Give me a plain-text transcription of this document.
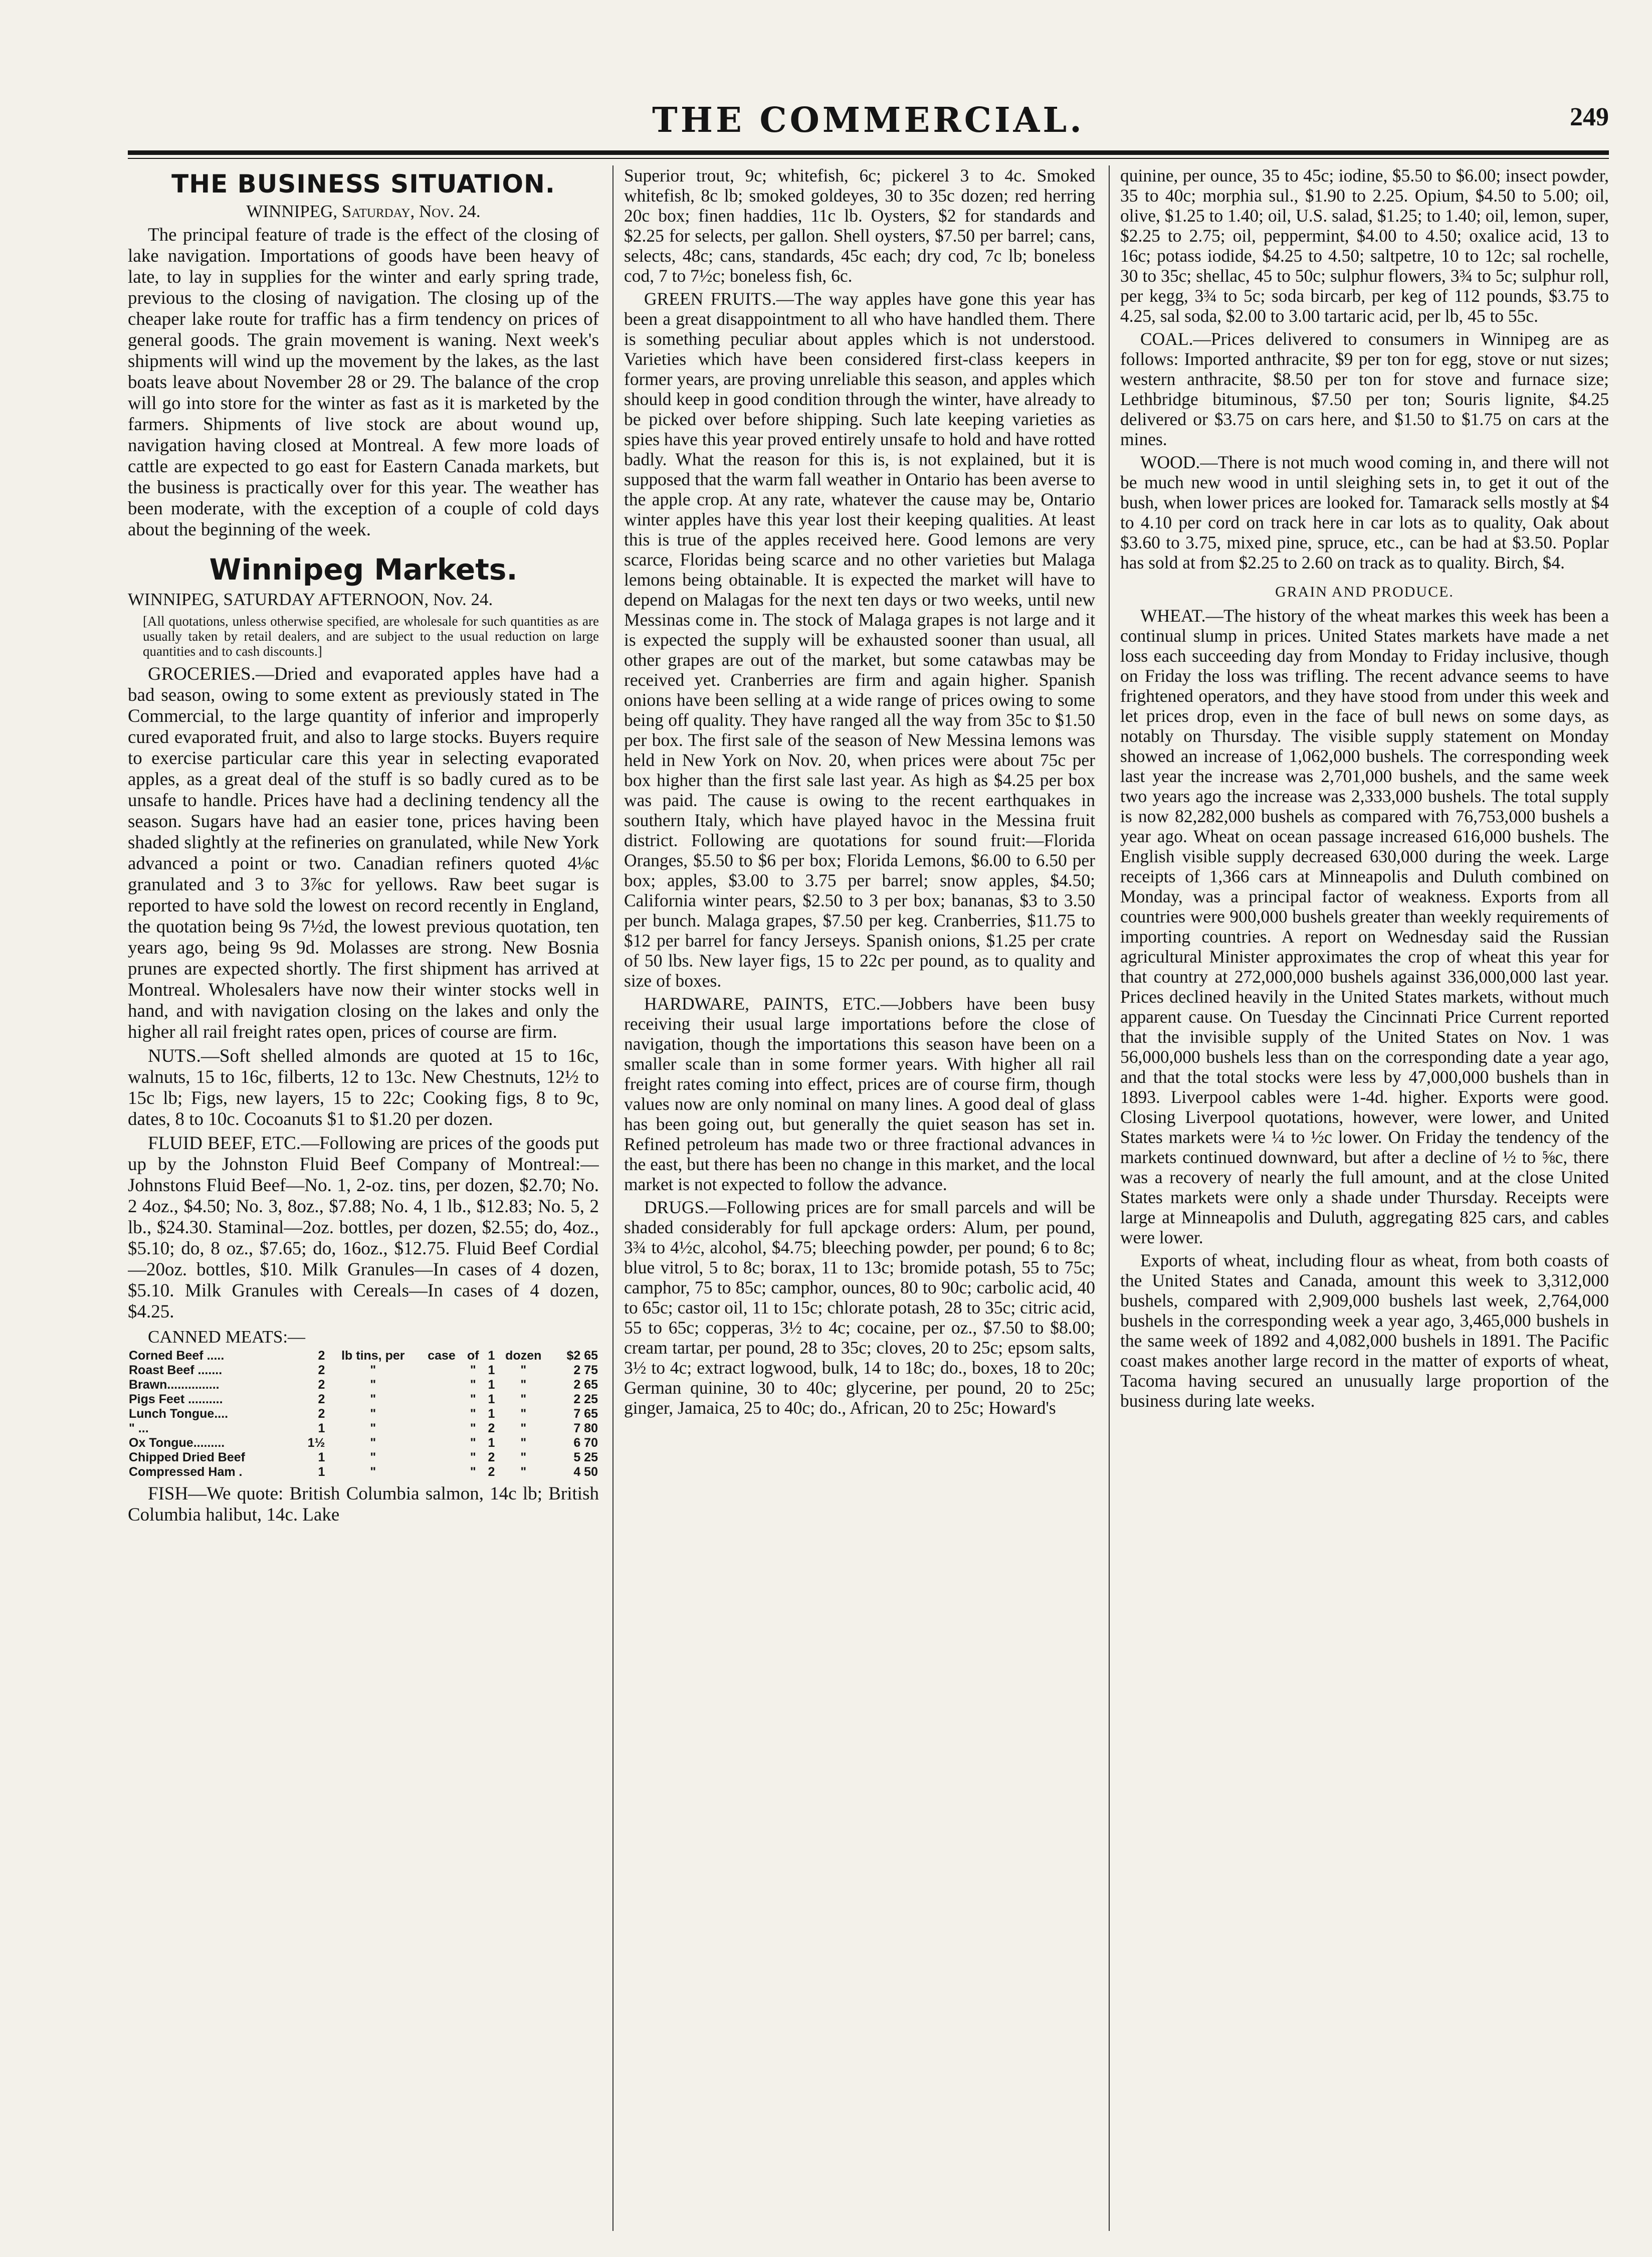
THE COMMERCIAL.	249
THE BUSINESS SITUATION.
WINNIPEG, Saturday, Nov. 24.

The principal feature of trade is the effect of the closing of lake navigation. Importations of goods have been heavy of late, to lay in supplies for the winter and early spring trade, previous to the closing of navigation. The closing up of the cheaper lake route for traffic has a firm tendency on prices of general goods. The grain movement is waning. Next week's shipments will wind up the movement by the lakes, as the last boats leave about November 28 or 29. The balance of the crop will go into store for the winter as fast as it is marketed by the farmers. Shipments of live stock are about wound up, navigation having closed at Montreal. A few more loads of cattle are expected to go east for Eastern Canada markets, but the business is practically over for this year. The weather has been moderate, with the exception of a couple of cold days about the beginning of the week.

Winnipeg Markets.
WINNIPEG, SATURDAY AFTERNOON, Nov. 24.

[All quotations, unless otherwise specified, are wholesale for such quantities as are usually taken by retail dealers, and are subject to the usual reduction on large quantities and to cash discounts.]

GROCERIES.—Dried and evaporated apples have had a bad season, owing to some extent as previously stated in The Commercial, to the large quantity of inferior and improperly cured evaporated fruit, and also to large stocks. Buyers require to exercise particular care this year in selecting evaporated apples, as a great deal of the stuff is so badly cured as to be unsafe to handle. Prices have had a declining tendency all the season. Sugars have had an easier tone, prices having been shaded slightly at the refineries on granulated, while New York advanced a point or two. Canadian refiners quoted 4⅛c granulated and 3 to 3⅞c for yellows. Raw beet sugar is reported to have sold the lowest on record recently in England, the quotation being 9s 7½d, the lowest previous quotation, ten years ago, being 9s 9d. Molasses are strong. New Bosnia prunes are expected shortly. The first shipment has arrived at Montreal. Wholesalers have now their winter stocks well in hand, and with navigation closing on the lakes and only the higher all rail freight rates open, prices of course are firm.

NUTS.—Soft shelled almonds are quoted at 15 to 16c, walnuts, 15 to 16c, filberts, 12 to 13c. New Chestnuts, 12½ to 15c lb; Figs, new layers, 15 to 22c; Cooking figs, 8 to 9c, dates, 8 to 10c. Cocoanuts $1 to $1.20 per dozen.

FLUID BEEF, ETC.—Following are prices of the goods put up by the Johnston Fluid Beef Company of Montreal:—Johnstons Fluid Beef—No. 1, 2-oz. tins, per dozen, $2.70; No. 2 4oz., $4.50; No. 3, 8oz., $7.88; No. 4, 1 lb., $12.83; No. 5, 2 lb., $24.30. Staminal—2oz. bottles, per dozen, $2.55; do, 4oz., $5.10; do, 8 oz., $7.65; do, 16oz., $12.75. Fluid Beef Cordial—20oz. bottles, $10. Milk Granules—In cases of 4 dozen, $5.10. Milk Granules with Cereals—In cases of 4 dozen, $4.25.

CANNED MEATS:—
Corned Beef .....	2	lb tins, per	case	of	1	dozen	$2 65
Roast Beef .......	2	"		"	1	"	2 75
Brawn...............	2	"		"	1	"	2 65
Pigs Feet ..........	2	"		"	1	"	2 25
Lunch Tongue....	2	"		"	1	"	7 65
" ...	1	"		"	2	"	7 80
Ox Tongue.........	1½	"		"	1	"	6 70
Chipped Dried Beef	1	"		"	2	"	5 25
Compressed Ham .	1	"		"	2	"	4 50

FISH—We quote: British Columbia salmon, 14c lb; British Columbia halibut, 14c. Lake

Superior trout, 9c; whitefish, 6c; pickerel 3 to 4c. Smoked whitefish, 8c lb; smoked goldeyes, 30 to 35c dozen; red herring 20c box; finen haddies, 11c lb. Oysters, $2 for standards and $2.25 for selects, per gallon. Shell oysters, $7.50 per barrel; cans, selects, 48c; cans, standards, 45c each; dry cod, 7c lb; boneless cod, 7 to 7½c; boneless fish, 6c.

GREEN FRUITS.—The way apples have gone this year has been a great disappointment to all who have handled them. There is something peculiar about apples which is not understood. Varieties which have been considered first-class keepers in former years, are proving unreliable this season, and apples which should keep in good condition through the winter, have already to be picked over before shipping. Such late keeping varieties as spies have this year proved entirely unsafe to hold and have rotted badly. What the reason for this is, is not explained, but it is supposed that the warm fall weather in Ontario has been averse to the apple crop. At any rate, whatever the cause may be, Ontario winter apples have this year lost their keeping qualities. At least this is true of the apples received here. Good lemons are very scarce, Floridas being scarce and no other varieties but Malaga lemons being obtainable. It is expected the market will have to depend on Malagas for the next ten days or two weeks, until new Messinas come in. The stock of Malaga grapes is not large and it is expected the supply will be exhausted sooner than usual, all other grapes are out of the market, but some catawbas may be received yet. Cranberries are firm and again higher. Spanish onions have been selling at a wide range of prices owing to some being off quality. They have ranged all the way from 35c to $1.50 per box. The first sale of the season of New Messina lemons was held in New York on Nov. 20, when prices were about 75c per box higher than the first sale last year. As high as $4.25 per box was paid. The cause is owing to the recent earthquakes in southern Italy, which have played havoc in the Messina fruit district. Following are quotations for sound fruit:—Florida Oranges, $5.50 to $6 per box; Florida Lemons, $6.00 to 6.50 per box; apples, $3.00 to 3.75 per barrel; snow apples, $4.50; California winter pears, $2.50 to 3 per box; bananas, $3 to 3.50 per bunch. Malaga grapes, $7.50 per keg. Cranberries, $11.75 to $12 per barrel for fancy Jerseys. Spanish onions, $1.25 per crate of 50 lbs. New layer figs, 15 to 22c per pound, as to quality and size of boxes.

HARDWARE, PAINTS, ETC.—Jobbers have been busy receiving their usual large importations before the close of navigation, though the importations this season have been on a smaller scale than in some former years. With higher all rail freight rates coming into effect, prices are of course firm, though values now are only nominal on many lines. A good deal of glass has been going out, but generally the quiet season has set in. Refined petroleum has made two or three fractional advances in the east, but there has been no change in this market, and the local market is not expected to follow the advance.

DRUGS.—Following prices are for small parcels and will be shaded considerably for full apckage orders: Alum, per pound, 3¾ to 4½c, alcohol, $4.75; bleeching powder, per pound; 6 to 8c; blue vitrol, 5 to 8c; borax, 11 to 13c; bromide potash, 55 to 75c; camphor, 75 to 85c; camphor, ounces, 80 to 90c; carbolic acid, 40 to 65c; castor oil, 11 to 15c; chlorate potash, 28 to 35c; citric acid, 55 to 65c; copperas, 3½ to 4c; cocaine, per oz., $7.50 to $8.00; cream tartar, per pound, 28 to 35c; cloves, 20 to 25c; epsom salts, 3½ to 4c; extract logwood, bulk, 14 to 18c; do., boxes, 18 to 20c; German quinine, 30 to 40c; glycerine, per pound, 20 to 25c; ginger, Jamaica, 25 to 40c; do., African, 20 to 25c; Howard's

quinine, per ounce, 35 to 45c; iodine, $5.50 to $6.00; insect powder, 35 to 40c; morphia sul., $1.90 to 2.25. Opium, $4.50 to 5.00; oil, olive, $1.25 to 1.40; oil, U.S. salad, $1.25; to 1.40; oil, lemon, super, $2.25 to 2.75; oil, peppermint, $4.00 to 4.50; oxalice acid, 13 to 16c; potass iodide, $4.25 to 4.50; saltpetre, 10 to 12c; sal rochelle, 30 to 35c; shellac, 45 to 50c; sulphur flowers, 3¾ to 5c; sulphur roll, per kegg, 3¾ to 5c; soda bircarb, per keg of 112 pounds, $3.75 to 4.25, sal soda, $2.00 to 3.00 tartaric acid, per lb, 45 to 55c.

COAL.—Prices delivered to consumers in Winnipeg are as follows: Imported anthracite, $9 per ton for egg, stove or nut sizes; western anthracite, $8.50 per ton for stove and furnace size; Lethbridge bituminous, $7.50 per ton; Souris lignite, $4.25 delivered or $3.75 on cars here, and $1.50 to $1.75 on cars at the mines.

WOOD.—There is not much wood coming in, and there will not be much new wood in until sleighing sets in, to get it out of the bush, when lower prices are looked for. Tamarack sells mostly at $4 to 4.10 per cord on track here in car lots as to quality, Oak about $3.60 to 3.75, mixed pine, spruce, etc., can be had at $3.50. Poplar has sold at from $2.25 to 2.60 on track as to quality. Birch, $4.

GRAIN AND PRODUCE.

WHEAT.—The history of the wheat markes this week has been a continual slump in prices. United States markets have made a net loss each succeeding day from Monday to Friday inclusive, though on Friday the loss was trifling. The recent advance seems to have frightened operators, and they have stood from under this week and let prices drop, even in the face of bull news on some days, as notably on Thursday. The visible supply statement on Monday showed an increase of 1,062,000 bushels. The corresponding week last year the increase was 2,701,000 bushels, and the same week two years ago the increase was 2,333,000 bushels. The total supply is now 82,282,000 bushels as compared with 76,753,000 bushels a year ago. Wheat on ocean passage increased 616,000 bushels. The English visible supply decreased 630,000 during the week. Large receipts of 1,366 cars at Minneapolis and Duluth combined on Monday, was a principal factor of weakness. Exports from all countries were 900,000 bushels greater than weekly requirements of importing countries. A report on Wednesday said the Russian agricultural Minister approximates the crop of wheat this year for that country at 272,000,000 bushels against 336,000,000 last year. Prices declined heavily in the United States markets, without much apparent cause. On Tuesday the Cincinnati Price Current reported that the invisible supply of the United States on Nov. 1 was 56,000,000 bushels less than on the corresponding date a year ago, and that the total stocks were less by 47,000,000 bushels than in 1893. Liverpool cables were 1-4d. higher. Exports were good. Closing Liverpool quotations, however, were lower, and United States markets were ¼ to ½c lower. On Friday the tendency of the markets continued downward, but after a decline of ½ to ⅝c, there was a recovery of nearly the full amount, and at the close United States markets were only a shade under Thursday. Receipts were large at Minneapolis and Duluth, aggregating 825 cars, and cables were lower.

Exports of wheat, including flour as wheat, from both coasts of the United States and Canada, amount this week to 3,312,000 bushels, compared with 2,909,000 bushels last week, 2,764,000 bushels in the corresponding week a year ago, 3,465,000 bushels in the same week of 1892 and 4,082,000 bushels in 1891. The Pacific coast makes another large record in the matter of exports of wheat, Tacoma having secured an unusually large proportion of the business during late weeks.
